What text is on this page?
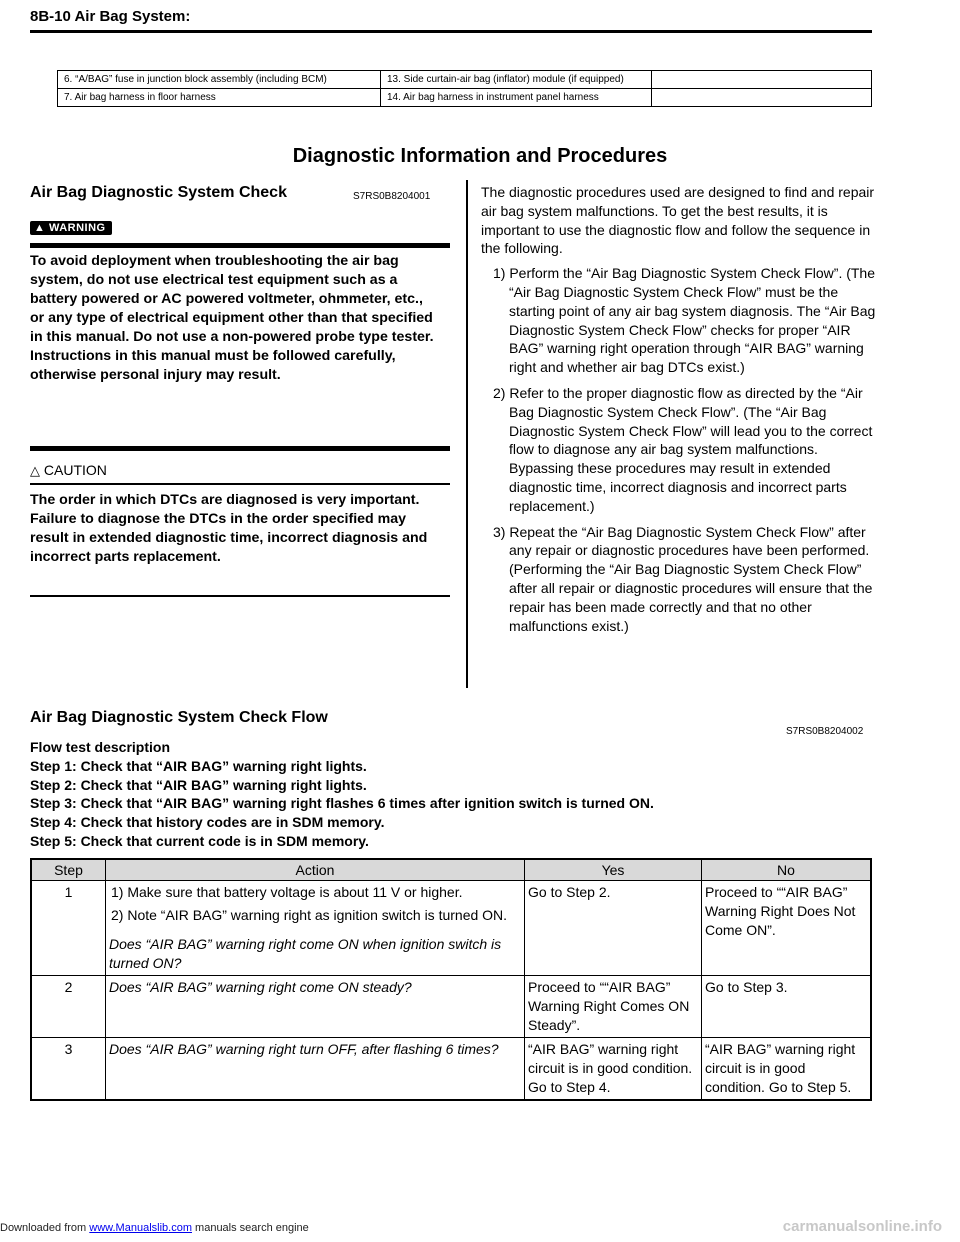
8B-10 Air Bag System:
6. “A/BAG” fuse in junction block assembly (including BCM)	13. Side curtain-air bag (inflator) module (if equipped)	
7. Air bag harness in floor harness	14. Air bag harness in instrument panel harness	
Diagnostic Information and Procedures
Air Bag Diagnostic System Check	S7RS0B8204001
▲ WARNING
To avoid deployment when troubleshooting the air bag system, do not use electrical test equipment such as a battery powered or AC powered voltmeter, ohmmeter, etc., or any type of electrical equipment other than that specified in this manual. Do not use a non-powered probe type tester. Instructions in this manual must be followed carefully, otherwise personal injury may result.
△ CAUTION
The order in which DTCs are diagnosed is very important. Failure to diagnose the DTCs in the order specified may result in extended diagnostic time, incorrect diagnosis and incorrect parts replacement.

The diagnostic procedures used are designed to find and repair air bag system malfunctions. To get the best results, it is important to use the diagnostic flow and follow the sequence in the following.

1) Perform the “Air Bag Diagnostic System Check Flow”. (The “Air Bag Diagnostic System Check Flow” must be the starting point of any air bag system diagnosis. The “Air Bag Diagnostic System Check Flow” checks for proper “AIR BAG” warning right operation through “AIR BAG” warning right and whether air bag DTCs exist.)
2) Refer to the proper diagnostic flow as directed by the “Air Bag Diagnostic System Check Flow”. (The “Air Bag Diagnostic System Check Flow” will lead you to the correct flow to diagnose any air bag system malfunctions. Bypassing these procedures may result in extended diagnostic time, incorrect diagnosis and incorrect parts replacement.)
3) Repeat the “Air Bag Diagnostic System Check Flow” after any repair or diagnostic procedures have been performed. (Performing the “Air Bag Diagnostic System Check Flow” after all repair or diagnostic procedures will ensure that the repair has been made correctly and that no other malfunctions exist.)
Air Bag Diagnostic System Check Flow
S7RS0B8204002
Flow test description
Step 1: Check that “AIR BAG” warning right lights.
Step 2: Check that “AIR BAG” warning right lights.
Step 3: Check that “AIR BAG” warning right flashes 6 times after ignition switch is turned ON.
Step 4: Check that history codes are in SDM memory.
Step 5: Check that current code is in SDM memory.
Step	Action	Yes	No
1	1) Make sure that battery voltage is about 11 V or higher.
2) Note “AIR BAG” warning right as ignition switch is turned ON.
Does “AIR BAG” warning right come ON when ignition switch is turned ON?	Go to Step 2.	Proceed to ““AIR BAG” Warning Right Does Not Come ON”.
2	Does “AIR BAG” warning right come ON steady?	Proceed to ““AIR BAG” Warning Right Comes ON Steady”.	Go to Step 3.
3	Does “AIR BAG” warning right turn OFF, after flashing 6 times?	“AIR BAG” warning right circuit is in good condition. Go to Step 4.	“AIR BAG” warning right circuit is in good condition. Go to Step 5.
Downloaded from www.Manualslib.com manuals search engine	carmanualsonline.info
